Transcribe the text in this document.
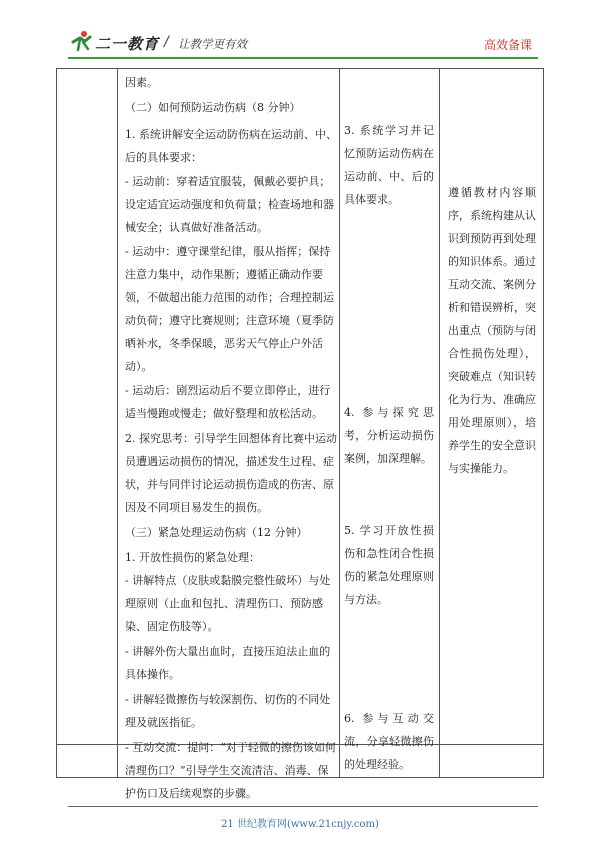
二一教育 / 让教学更有效	高效备课

因素。

（二）如何预防运动伤病（8 分钟）

1. 系统讲解安全运动防伤病在运动前、中、后的具体要求：

- 运动前：穿着适宜服装，佩戴必要护具；设定适宜运动强度和负荷量；检查场地和器械安全；认真做好准备活动。

- 运动中：遵守课堂纪律，服从指挥；保持注意力集中，动作果断；遵循正确动作要领，不做超出能力范围的动作；合理控制运动负荷；遵守比赛规则；注意环境（夏季防晒补水，冬季保暖，恶劣天气停止户外活动）。

- 运动后：剧烈运动后不要立即停止，进行适当慢跑或慢走；做好整理和放松活动。

2. 探究思考：引导学生回想体育比赛中运动员遭遇运动损伤的情况，描述发生过程、症状，并与同伴讨论运动损伤造成的伤害、原因及不同项目易发生的损伤。

（三）紧急处理运动伤病（12 分钟）

1. 开放性损伤的紧急处理：

- 讲解特点（皮肤或黏膜完整性破坏）与处理原则（止血和包扎、清理伤口、预防感染、固定伤肢等）。

- 讲解外伤大量出血时，直接压迫法止血的具体操作。

- 讲解轻微擦伤与较深割伤、切伤的不同处理及就医指征。

- 互动交流：提问：“对于轻微的擦伤该如何清理伤口？”引导学生交流清洁、消毒、保护伤口及后续观察的步骤。

3. 系统学习并记忆预防运动伤病在运动前、中、后的具体要求。
4. 参与探究思考，分析运动损伤案例，加深理解。
5. 学习开放性损伤和急性闭合性损伤的紧急处理原则与方法。
6. 参与互动交流，分享轻微擦伤的处理经验。
遵循教材内容顺序，系统构建从认识到预防再到处理的知识体系。通过互动交流、案例分析和错误辨析，突出重点（预防与闭合性损伤处理），突破难点（知识转化为行为、准确应用处理原则），培养学生的安全意识与实操能力。
21 世纪教育网(www.21cnjy.com)
